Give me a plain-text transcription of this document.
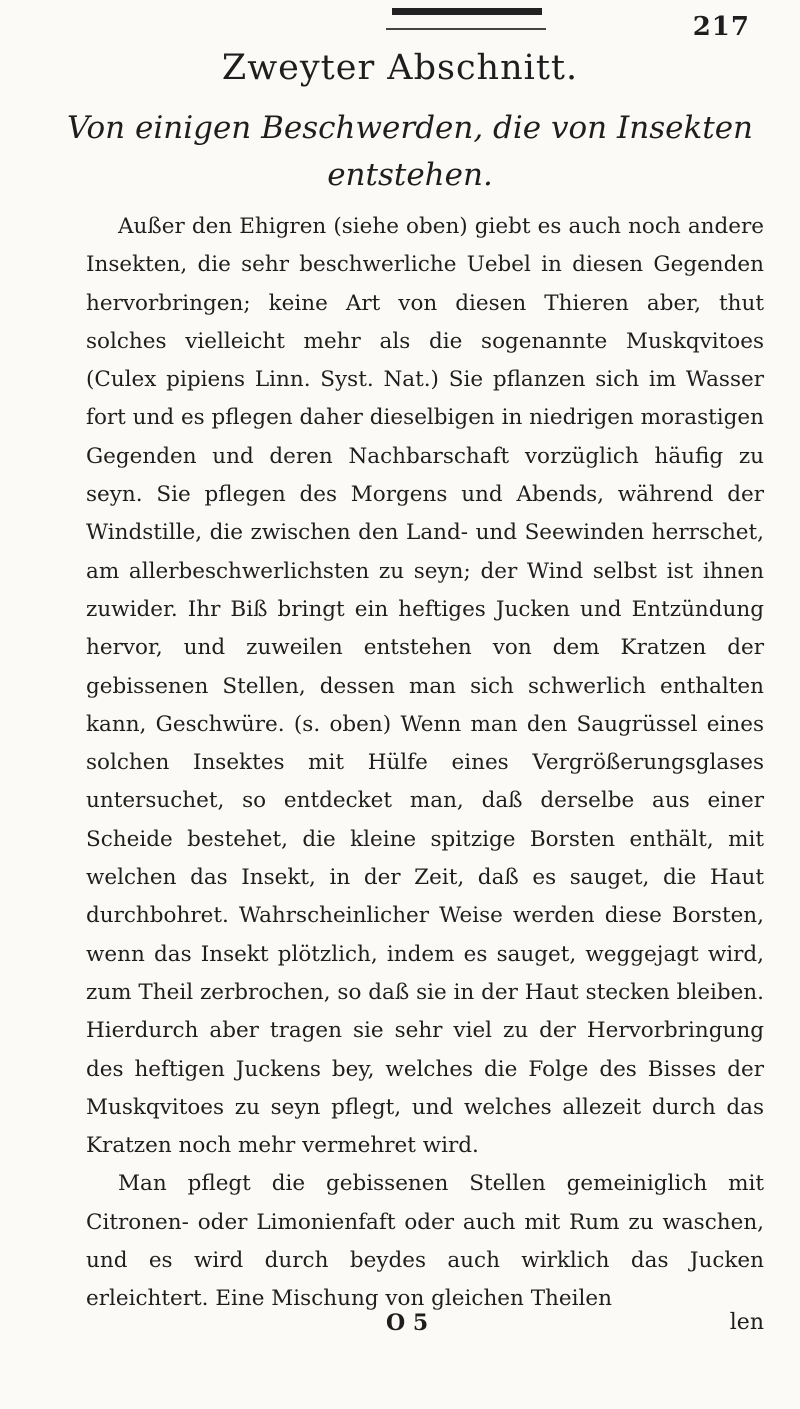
217
Zweyter Abschnitt.
Von einigen Beschwerden, die von Insekten entstehen.

Außer den Ehigren (siehe oben) giebt es auch noch andere Insekten, die sehr beschwerliche Uebel in diesen Gegenden hervorbringen; keine Art von diesen Thieren aber, thut solches vielleicht mehr als die sogenannte Muskqvitoes (Culex pipiens Linn. Syst. Nat.) Sie pflanzen sich im Wasser fort und es pflegen daher dieselbigen in niedrigen morastigen Gegenden und deren Nachbarschaft vorzüglich häufig zu seyn. Sie pflegen des Morgens und Abends, während der Windstille, die zwischen den Land- und Seewinden herrschet, am allerbeschwerlichsten zu seyn; der Wind selbst ist ihnen zuwider. Ihr Biß bringt ein heftiges Jucken und Entzündung hervor, und zuweilen entstehen von dem Kratzen der gebissenen Stellen, dessen man sich schwerlich enthalten kann, Geschwüre. (s. oben) Wenn man den Saugrüssel eines solchen Insektes mit Hülfe eines Vergrößerungsglases untersuchet, so entdecket man, daß derselbe aus einer Scheide bestehet, die kleine spitzige Borsten enthält, mit welchen das Insekt, in der Zeit, daß es sauget, die Haut durchbohret. Wahrscheinlicher Weise werden diese Borsten, wenn das Insekt plötzlich, indem es sauget, weggejagt wird, zum Theil zerbrochen, so daß sie in der Haut stecken bleiben. Hierdurch aber tragen sie sehr viel zu der Hervorbringung des heftigen Juckens bey, welches die Folge des Bisses der Muskqvitoes zu seyn pflegt, und welches allezeit durch das Kratzen noch mehr vermehret wird.

Man pflegt die gebissenen Stellen gemeiniglich mit Citronen- oder Limonienfaft oder auch mit Rum zu waschen, und es wird durch beydes auch wirklich das Jucken erleichtert. Eine Mischung von gleichen Theilen

O 5	len
